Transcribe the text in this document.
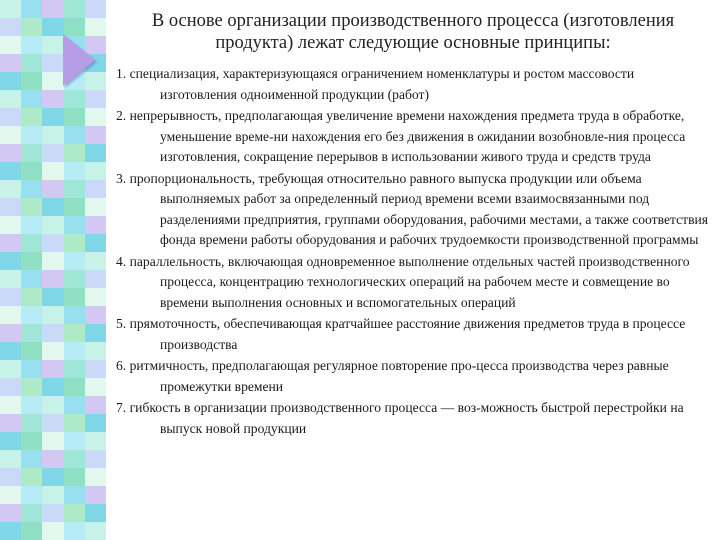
В основе организации производственного процесса (изготовления продукта) лежат следующие основные принципы:
1. специализация, характеризующаяся ограничением номенклатуры и ростом массовости изготовления одноименной продукции (работ)
2. непрерывность, предполагающая увеличение времени нахождения предмета труда в обработке, уменьшение време-ни нахождения его без движения в ожидании возобновле-ния процесса изготовления, сокращение перерывов в использовании живого труда и средств труда
3. пропорциональность, требующая относительно равного выпуска продукции или объема выполняемых работ за определенный период времени всеми взаимосвязанными под разделениями предприятия, группами оборудования, рабочими местами, а также соответствия фонда времени работы оборудования и рабочих трудоемкости производственной программы
4. параллельность, включающая одновременное выполнение отдельных частей производственного процесса, концентрацию технологических операций на рабочем месте и совмещение во времени выполнения основных и вспомогательных операций
5. прямоточность, обеспечивающая кратчайшее расстояние движения предметов труда в процессе производства
6. ритмичность, предполагающая регулярное повторение про-цесса производства через равные промежутки времени
7. гибкость в организации производственного процесса — воз-можность быстрой перестройки на выпуск новой продукции
